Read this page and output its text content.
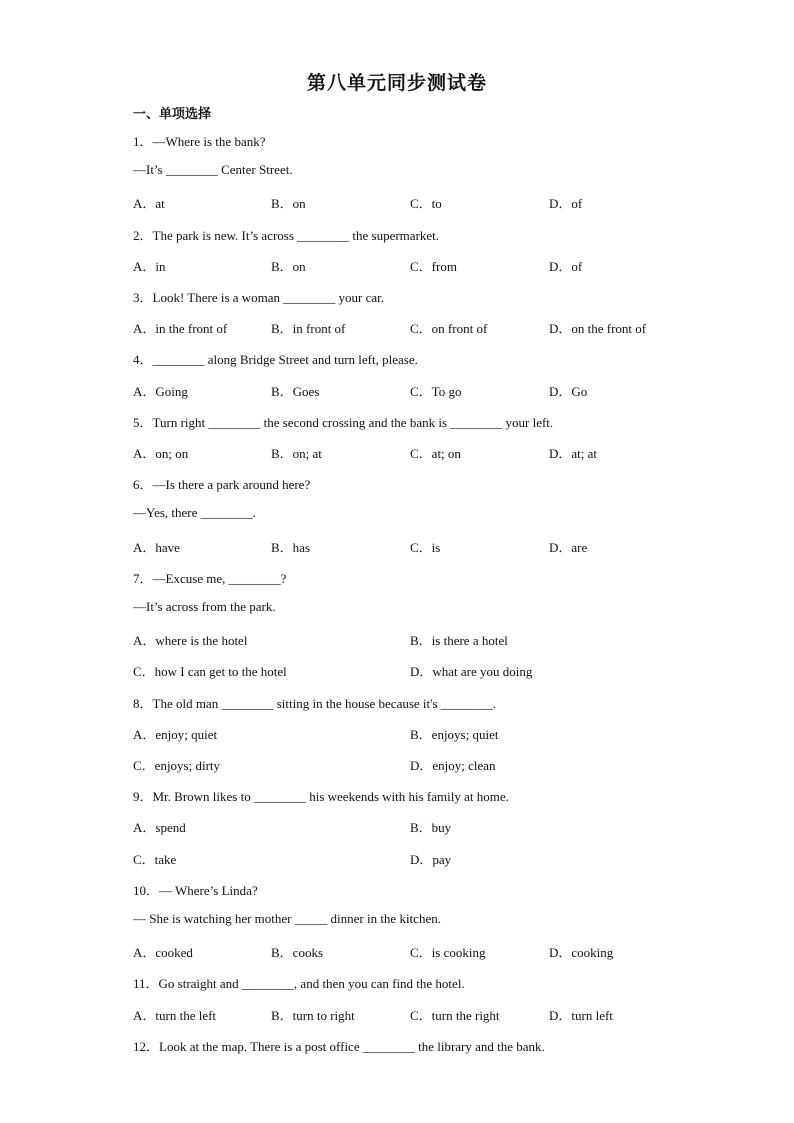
第八单元同步测试卷
一、单项选择
1．—Where is the bank?
—It’s ________ Center Street.
A．at	B．on	C．to	D．of
2．The park is new. It’s across ________ the supermarket.
A．in	B．on	C．from	D．of
3．Look! There is a woman ________ your car.
A．in the front of	B．in front of	C．on front of	D．on the front of
4．________ along Bridge Street and turn left, please.
A．Going	B．Goes	C．To go	D．Go
5．Turn right ________ the second crossing and the bank is ________ your left.
A．on; on	B．on; at	C．at; on	D．at; at
6．—Is there a park around here?
—Yes, there ________.
A．have	B．has	C．is	D．are
7．—Excuse me, ________?
—It’s across from the park.
A．where is the hotel	B．is there a hotel
C．how I can get to the hotel	D．what are you doing
8．The old man ________ sitting in the house because it's ________.
A．enjoy; quiet	B．enjoys; quiet
C．enjoys; dirty	D．enjoy; clean
9．Mr. Brown likes to ________ his weekends with his family at home.
A．spend	B．buy
C．take	D．pay
10．— Where’s Linda?
— She is watching her mother _____ dinner in the kitchen.
A．cooked	B．cooks	C．is cooking	D．cooking
11．Go straight and ________, and then you can find the hotel.
A．turn the left	B．turn to right	C．turn the right	D．turn left
12．Look at the map. There is a post office ________ the library and the bank.
